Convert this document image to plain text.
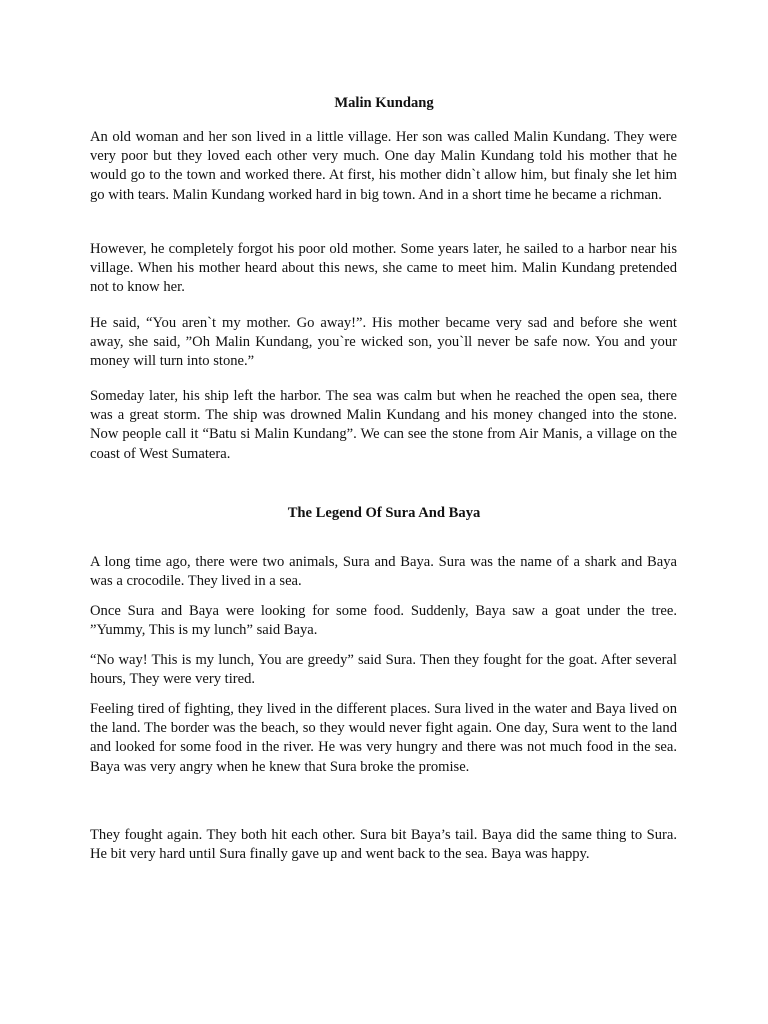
Malin Kundang

An old woman and her son lived in a little village. Her son was called Malin Kundang. They were very poor but they loved each other very much. One day Malin Kundang told his mother that he would go to the town and worked there. At first, his mother didn`t allow him, but finaly she let him go with tears. Malin Kundang worked hard in big town. And in a short time he became a richman.

However, he completely forgot his poor old mother. Some years later, he sailed to a harbor near his village. When his mother heard about this news, she came to meet him. Malin Kundang pretended not to know her.

He said, “You aren`t my mother. Go away!”. His mother became very sad and before she went away, she said, ”Oh Malin Kundang, you`re wicked son, you`ll never be safe now. You and your money will turn into stone.”

Someday later, his ship left the harbor. The sea was calm but when he reached the open sea, there was a great storm. The ship was drowned Malin Kundang and his money changed into the stone. Now people call it “Batu si Malin Kundang”. We can see the stone from Air Manis, a village on the coast of West Sumatera.

The Legend Of Sura And Baya

A long time ago, there were two animals, Sura and Baya. Sura was the name of a shark and Baya was a crocodile. They lived in a sea.

Once Sura and Baya were looking for some food. Suddenly, Baya saw a goat under the tree. ”Yummy, This is my lunch” said Baya.

“No way! This is my lunch, You are greedy” said Sura. Then they fought for the goat. After several hours, They were very tired.

Feeling tired of fighting, they lived in the different places. Sura lived in the water and Baya lived on the land. The border was the beach, so they would never fight again. One day, Sura went to the land and looked for some food in the river. He was very hungry and there was not much food in the sea. Baya was very angry when he knew that Sura broke the promise.

They fought again. They both hit each other. Sura bit Baya’s tail. Baya did the same thing to Sura. He bit very hard until Sura finally gave up and went back to the sea. Baya was happy.
